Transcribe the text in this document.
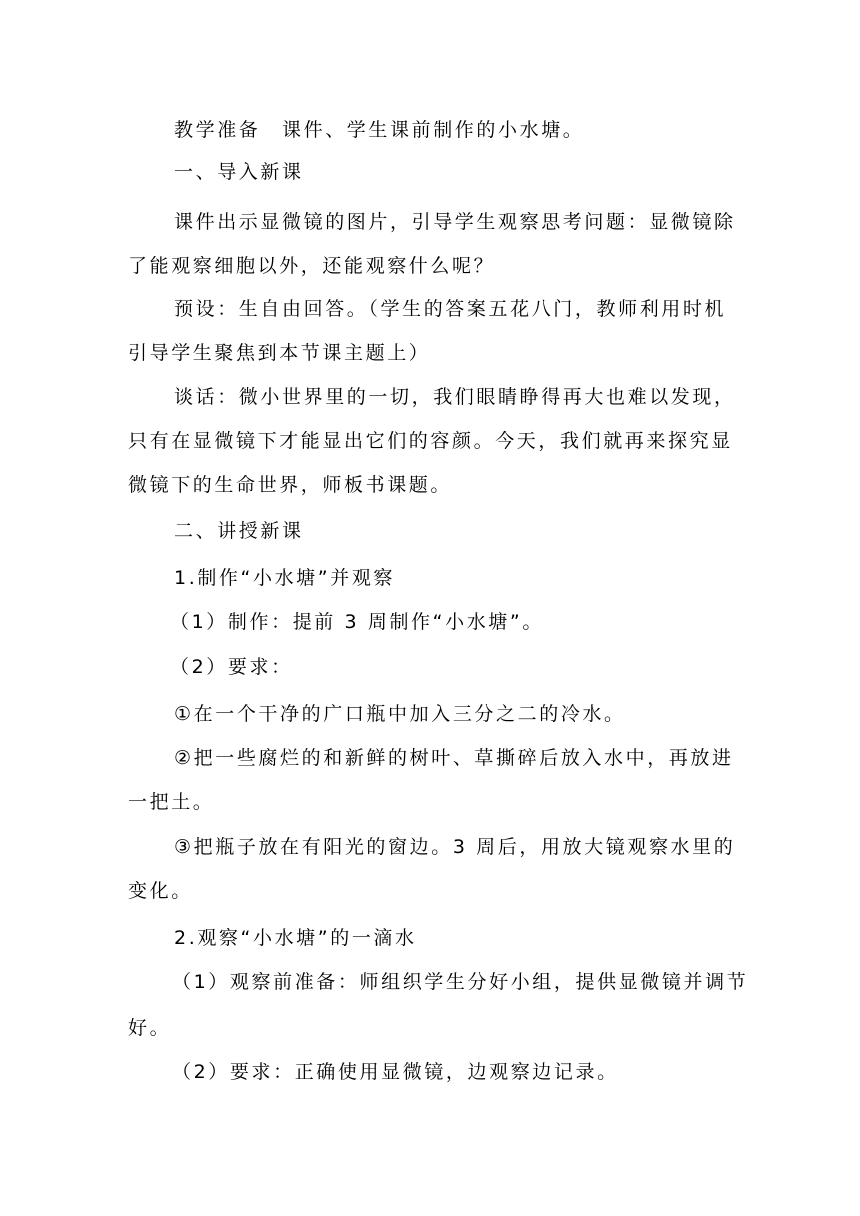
教学准备　课件、学生课前制作的小水塘。
一、导入新课
课件出示显微镜的图片，引导学生观察思考问题：显微镜除
了能观察细胞以外，还能观察什么呢？
预设：生自由回答。（学生的答案五花八门，教师利用时机
引导学生聚焦到本节课主题上）
谈话：微小世界里的一切，我们眼睛睁得再大也难以发现，
只有在显微镜下才能显出它们的容颜。今天，我们就再来探究显
微镜下的生命世界，师板书课题。
二、讲授新课
1.制作“小水塘”并观察
（1）制作：提前 3 周制作“小水塘”。
（2）要求：
①在一个干净的广口瓶中加入三分之二的冷水。
②把一些腐烂的和新鲜的树叶、草撕碎后放入水中，再放进
一把土。
③把瓶子放在有阳光的窗边。3 周后，用放大镜观察水里的
变化。
2.观察“小水塘”的一滴水
（1）观察前准备：师组织学生分好小组，提供显微镜并调节
好。
（2）要求：正确使用显微镜，边观察边记录。
